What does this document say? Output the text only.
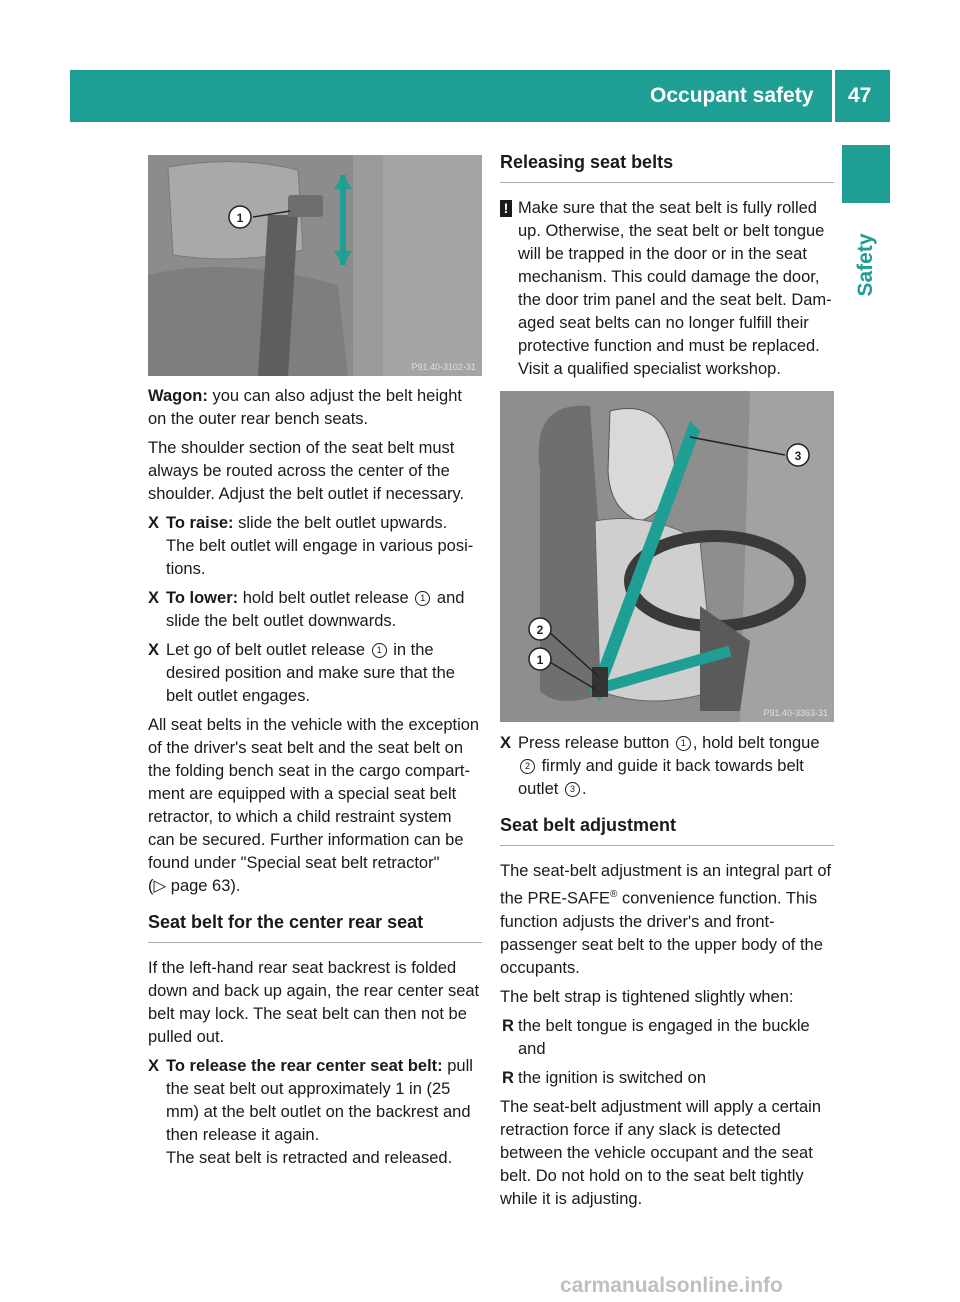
Occupant safety 47
Safety
1
P91.40-3102-31

Wagon: you can also adjust the belt height on the outer rear bench seats.

The shoulder section of the seat belt must always be routed across the center of the shoulder. Adjust the belt outlet if necessary.

X To raise: slide the belt outlet upwards.
The belt outlet will engage in various posi-tions.
X To lower: hold belt outlet release 1 and slide the belt outlet downwards.
X Let go of belt outlet release 1 in the desired position and make sure that the belt outlet engages.

All seat belts in the vehicle with the exception of the driver's seat belt and the seat belt on the folding bench seat in the cargo compart-ment are equipped with a special seat belt retractor, to which a child restraint system can be secured. Further information can be found under "Special seat belt retractor"
(▷ page 63).

Seat belt for the center rear seat

If the left-hand rear seat backrest is folded down and back up again, the rear center seat belt may lock. The seat belt can then not be pulled out.

X To release the rear center seat belt: pull the seat belt out approximately 1 in (25 mm) at the belt outlet on the backrest and then release it again.
The seat belt is retracted and released.
Releasing seat belts
! Make sure that the seat belt is fully rolled up. Otherwise, the seat belt or belt tongue will be trapped in the door or in the seat mechanism. This could damage the door, the door trim panel and the seat belt. Dam-aged seat belts can no longer fulfill their protective function and must be replaced. Visit a qualified specialist workshop.
3
2
1
P91.40-3363-31
X Press release button 1 , hold belt tongue 2 firmly and guide it back towards belt outlet 3 .
Seat belt adjustment

The seat-belt adjustment is an integral part of the PRE-SAFE® convenience function. This function adjusts the driver's and front-passenger seat belt to the upper body of the occupants.

The belt strap is tightened slightly when:

R the belt tongue is engaged in the buckle and
R the ignition is switched on

The seat-belt adjustment will apply a certain retraction force if any slack is detected between the vehicle occupant and the seat belt. Do not hold on to the seat belt tightly while it is adjusting.

carmanualsonline.info
